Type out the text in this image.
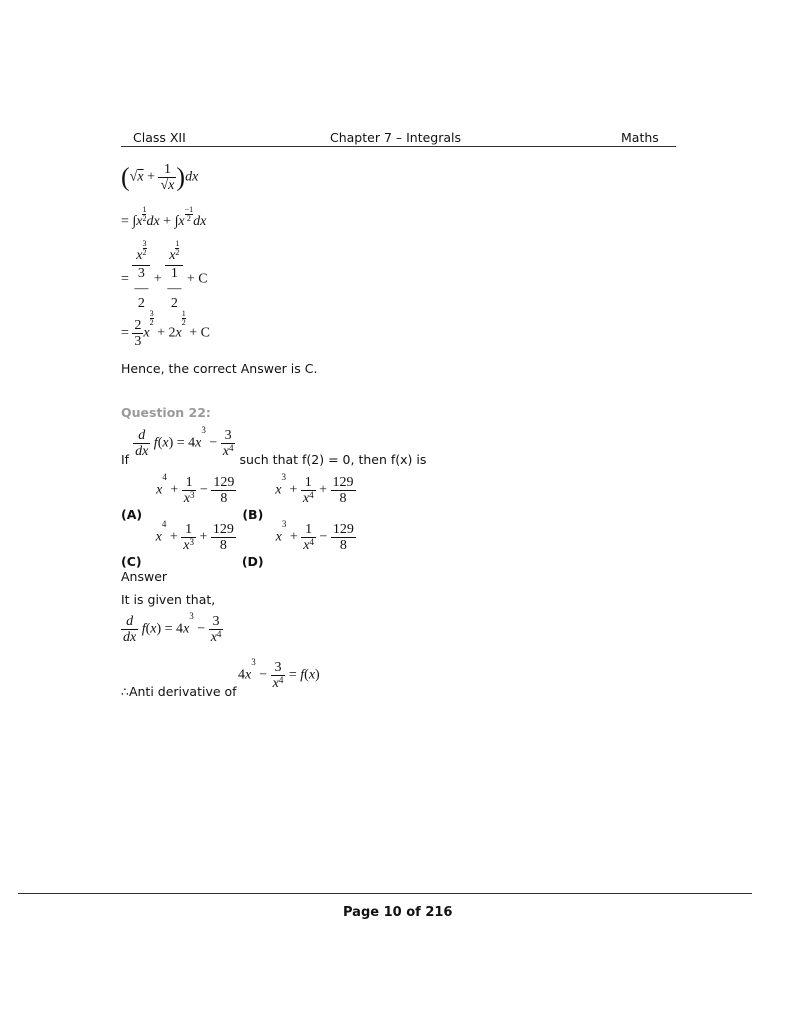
Class XII	Chapter 7 – Integrals	Maths
$(√x + \frac{1}{√x} )dx$
= $\int x\frac{1}{2}$ dx + $\int x\frac{-1}{2}$ dx
=
$x\frac{3}{2}$
3
―
2
+
$x\frac{1}{2}$
1
―
2
+ C
= $\frac{2}{3} x\frac{3}{2}$
+ $2x\frac{1}{2}$
+ C
Hence, the correct Answer is C.
Question 22:
If
$\frac{d}{dx} f(x) = 4x^3 - \frac{3}{x^4}$
such that f(2) = 0, then f(x) is
(A) $x^4 + \frac{1}{x^3} - \frac{129}{8}$
(B) $x^3 + \frac{1}{x^4} + \frac{129}{8}$
(C) $x^4 + \frac{1}{x^3} + \frac{129}{8}$
(D) $x^3 + \frac{1}{x^4} - \frac{129}{8}$
Answer
It is given that,
$\frac{d}{dx} f(x) = 4x^3 - \frac{3}{x^4}$
∴Anti derivative of
$4x^3 - \frac{3}{x^4} = f(x)$
Page 10 of 216
